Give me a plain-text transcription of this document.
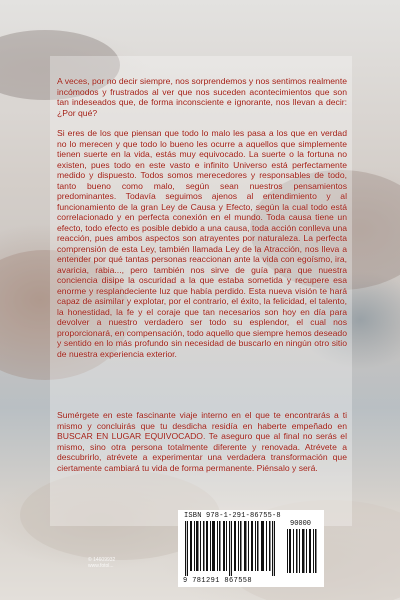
A veces, por no decir siempre, nos sorprendemos y nos sentimos realmente incómodos y frustrados al ver que nos suceden acontecimientos que son tan indeseados que, de forma inconsciente e ignorante, nos llevan a decir: ¿Por qué?

Si eres de los que piensan que todo lo malo les pasa a los que en verdad no lo merecen y que todo lo bueno les ocurre a aquellos que simplemente tienen suerte en la vida, estás muy equivocado. La suerte o la fortuna no existen, pues todo en este vasto e infinito Universo está perfectamente medido y dispuesto. Todos somos merecedores y responsables de todo, tanto bueno como malo, según sean nuestros pensamientos predominantes. Todavía seguimos ajenos al entendimiento y al funcionamiento de la gran Ley de Causa y Efecto, según la cual todo está correlacionado y en perfecta conexión en el mundo. Toda causa tiene un efecto, todo efecto es posible debido a una causa, toda acción conlleva una reacción, pues ambos aspectos son atrayentes por naturaleza. La perfecta comprensión de esta Ley, también llamada Ley de la Atracción, nos lleva a entender por qué tantas personas reaccionan ante la vida con egoísmo, ira, avaricia, rabia..., pero también nos sirve de guía para que nuestra conciencia disipe la oscuridad a la que estaba sometida y recupere esa enorme y resplandeciente luz que había perdido. Esta nueva visión te hará capaz de asimilar y explotar, por el contrario, el éxito, la felicidad, el talento, la honestidad, la fe y el coraje que tan necesarios son hoy en día para devolver a nuestro verdadero ser todo su esplendor, el cual nos proporcionará, en compensación, todo aquello que siempre hemos deseado y sentido en lo más profundo sin necesidad de buscarlo en ningún otro sitio de nuestra experiencia exterior.

Sumérgete en este fascinante viaje interno en el que te encontrarás a ti mismo y concluirás que tu desdicha residía en haberte empeñado en BUSCAR EN LUGAR EQUIVOCADO. Te aseguro que al final no serás el mismo, sino otra persona totalmente diferente y renovada. Atrévete a descubrirlo, atrévete a experimentar una verdadera transformación que ciertamente cambiará tu vida de forma permanente. Piénsalo y será.

© 14609932
www.fotol...
ISBN 978-1-291-86755-8
90000
9 781291 867558
